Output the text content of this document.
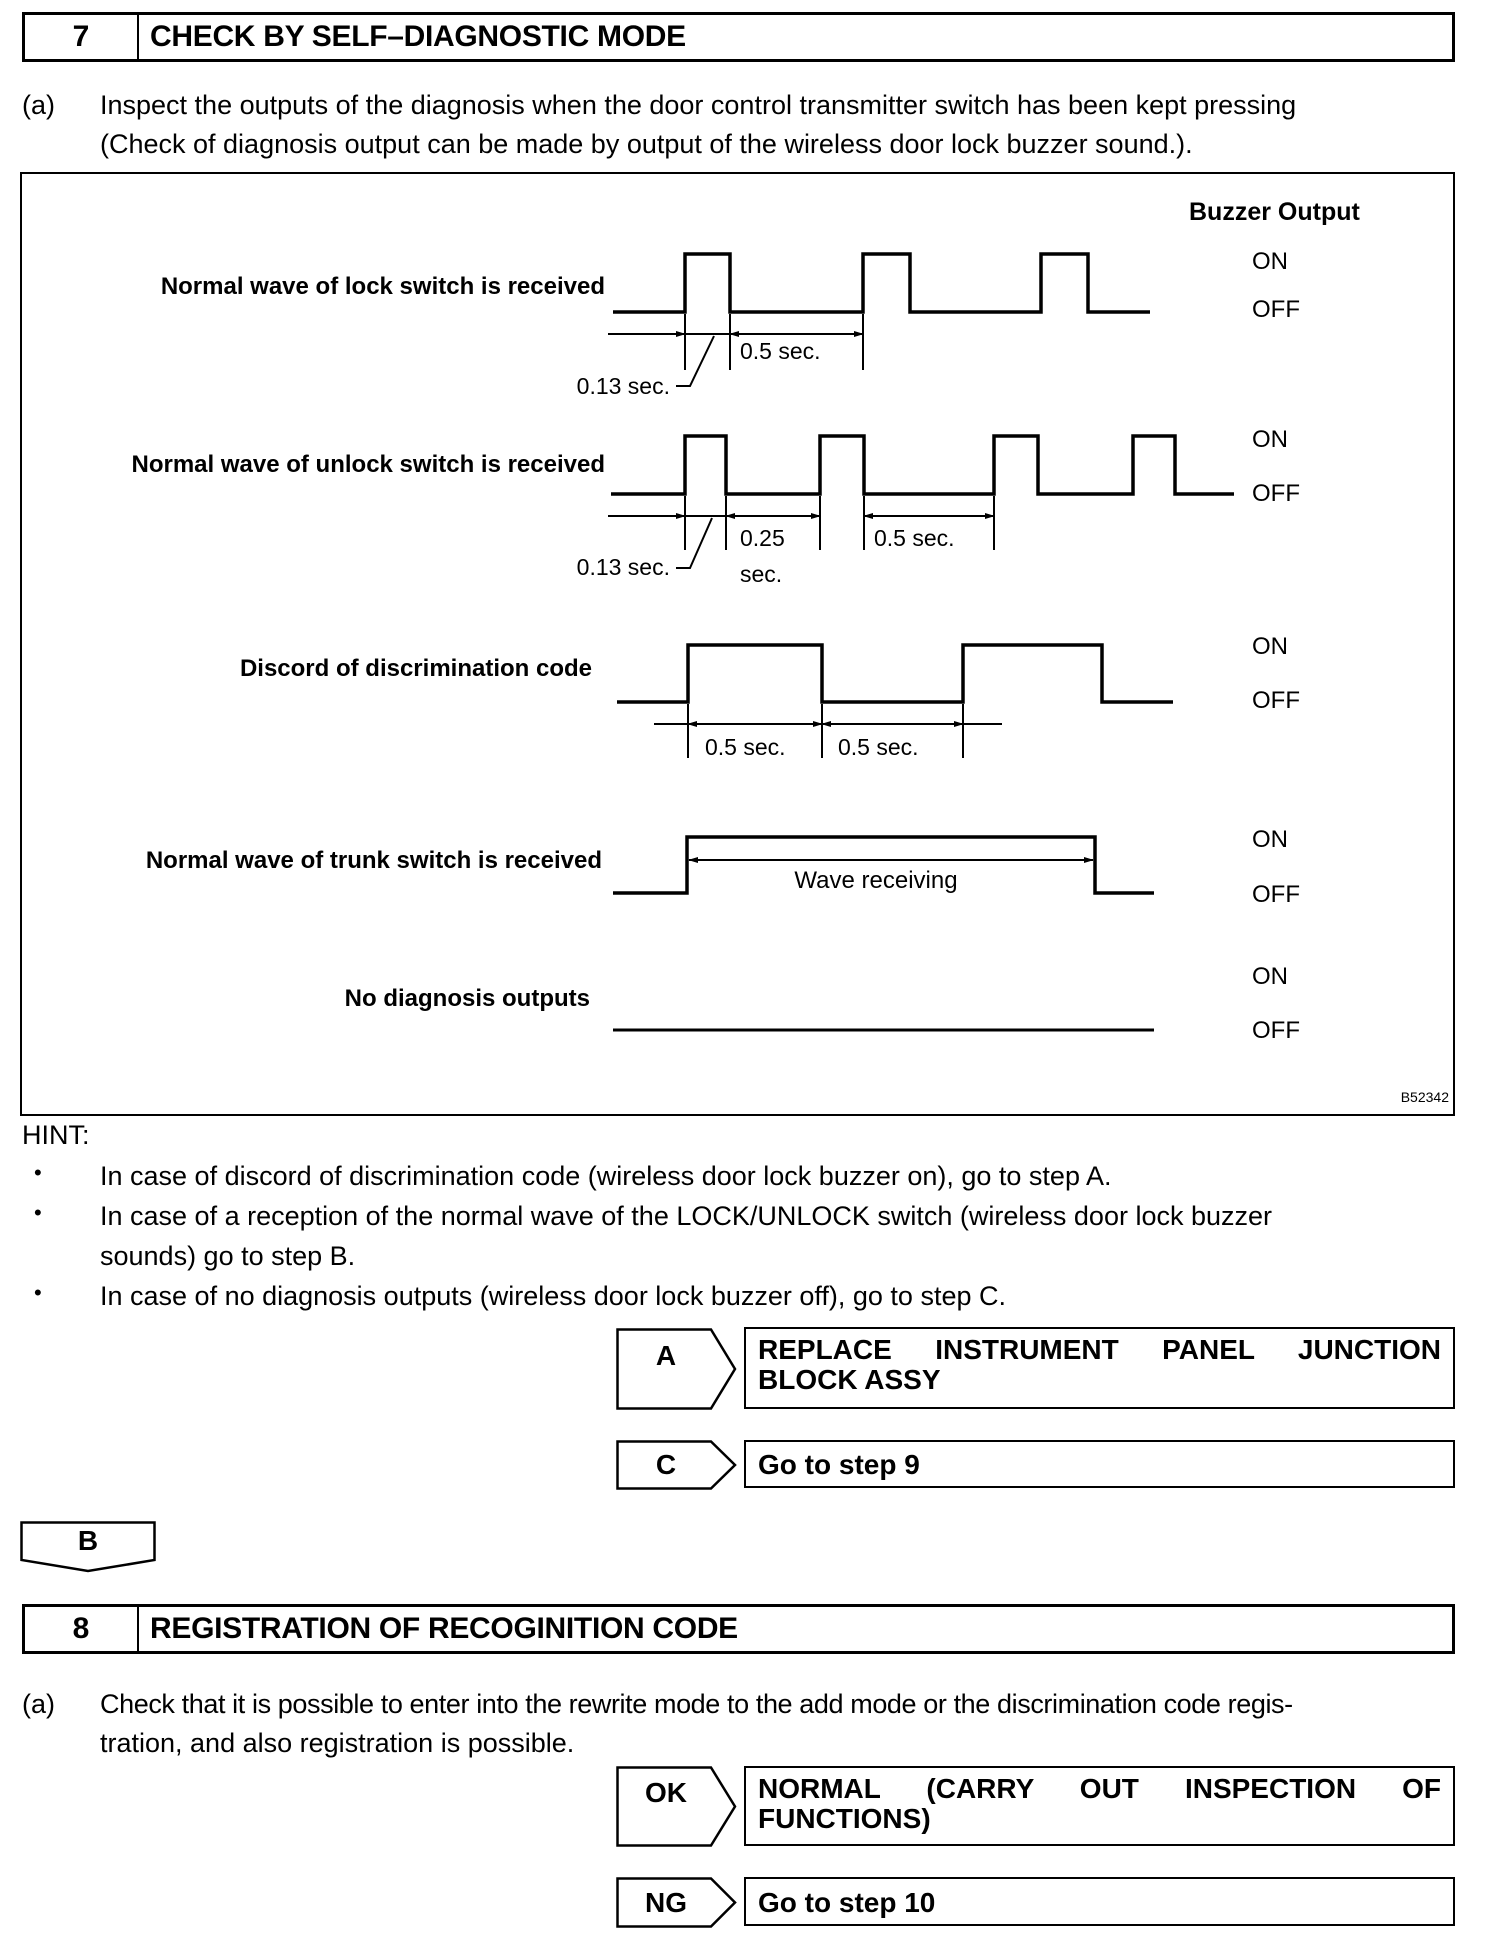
7	CHECK BY SELF–DIAGNOSTIC MODE
(a) Inspect the outputs of the diagnosis when the door control transmitter switch has been kept pressing
(Check of diagnosis output can be made by output of the wireless door lock buzzer sound.).
Buzzer Output
Normal wave of lock switch is received
0.5 sec.
0.13 sec.
ON
OFF
Normal wave of unlock switch is received
0.25
sec.
0.5 sec.
0.13 sec.
ON
OFF
Discord of discrimination code
0.5 sec. 0.5 sec.
ON
OFF
Normal wave of trunk switch is received
Wave receiving
ON
OFF
No diagnosis outputs
ON
OFF
B52342
HINT:
• In case of discord of discrimination code (wireless door lock buzzer on), go to step A.
• In case of a reception of the normal wave of the LOCK/UNLOCK switch (wireless door lock buzzer
sounds) go to step B.
• In case of no diagnosis outputs (wireless door lock buzzer off), go to step C.
A	REPLACE INSTRUMENT PANEL JUNCTION BLOCK ASSY
C	Go to step 9
B
8	REGISTRATION OF RECOGINITION CODE
(a) Check that it is possible to enter into the rewrite mode to the add mode or the discrimination code regis-
tration, and also registration is possible.
OK	NORMAL (CARRY OUT INSPECTION OF FUNCTIONS)
NG	Go to step 10
